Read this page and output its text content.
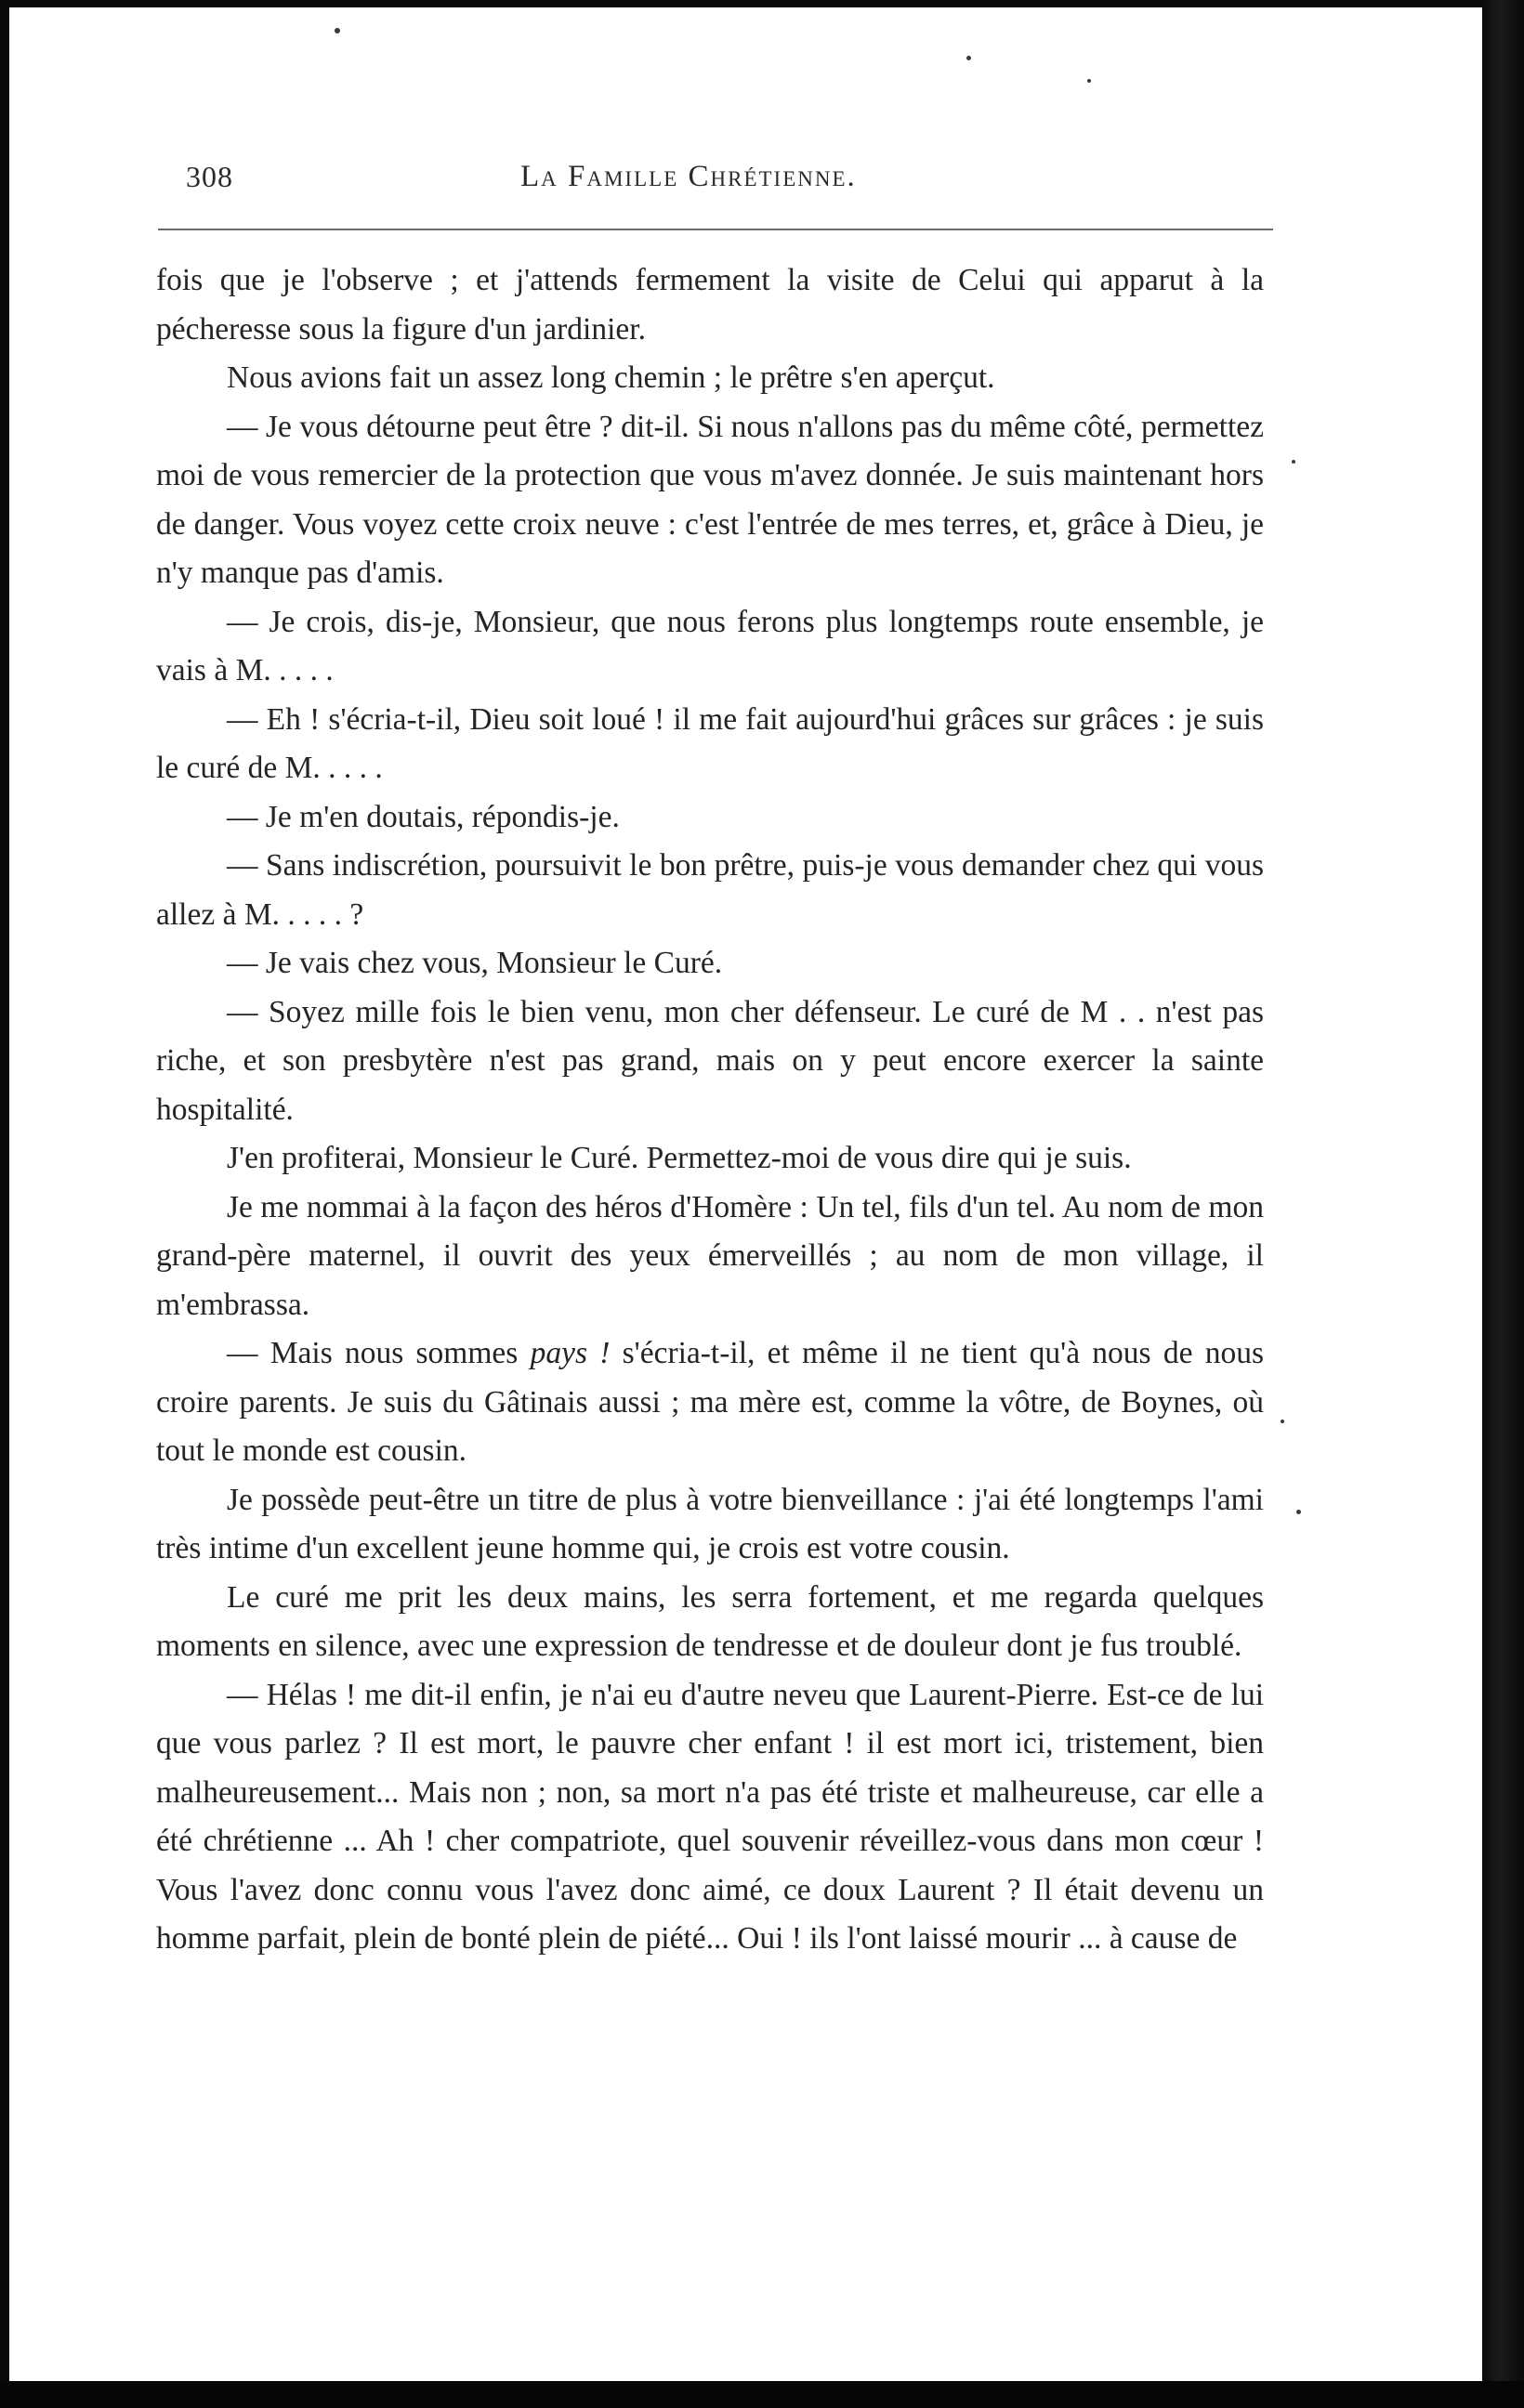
308	La Famille Chrétienne.

fois que je l'observe ; et j'attends fermement la visite de Celui qui apparut à la pécheresse sous la figure d'un jardinier.

Nous avions fait un assez long chemin ; le prêtre s'en aperçut.

— Je vous détourne peut être ? dit-il. Si nous n'allons pas du même côté, permettez moi de vous remercier de la protection que vous m'avez donnée. Je suis maintenant hors de danger. Vous voyez cette croix neuve : c'est l'entrée de mes terres, et, grâce à Dieu, je n'y manque pas d'amis.

— Je crois, dis-je, Monsieur, que nous ferons plus longtemps route ensemble, je vais à M. . . . .

— Eh ! s'écria-t-il, Dieu soit loué ! il me fait aujourd'hui grâces sur grâces : je suis le curé de M. . . . .

— Je m'en doutais, répondis-je.

— Sans indiscrétion, poursuivit le bon prêtre, puis-je vous demander chez qui vous allez à M. . . . . ?

— Je vais chez vous, Monsieur le Curé.

— Soyez mille fois le bien venu, mon cher défenseur. Le curé de M . . n'est pas riche, et son presbytère n'est pas grand, mais on y peut encore exercer la sainte hospitalité.

J'en profiterai, Monsieur le Curé. Permettez-moi de vous dire qui je suis.

Je me nommai à la façon des héros d'Homère : Un tel, fils d'un tel. Au nom de mon grand-père maternel, il ouvrit des yeux émerveillés ; au nom de mon village, il m'embrassa.

— Mais nous sommes pays ! s'écria-t-il, et même il ne tient qu'à nous de nous croire parents. Je suis du Gâtinais aussi ; ma mère est, comme la vôtre, de Boynes, où tout le monde est cousin.

Je possède peut-être un titre de plus à votre bienveillance : j'ai été longtemps l'ami très intime d'un excellent jeune homme qui, je crois est votre cousin.

Le curé me prit les deux mains, les serra fortement, et me regarda quelques moments en silence, avec une expression de tendresse et de douleur dont je fus troublé.

— Hélas ! me dit-il enfin, je n'ai eu d'autre neveu que Laurent-Pierre. Est-ce de lui que vous parlez ? Il est mort, le pauvre cher enfant ! il est mort ici, tristement, bien malheureusement... Mais non ; non, sa mort n'a pas été triste et malheureuse, car elle a été chrétienne ... Ah ! cher compatriote, quel souvenir réveillez-vous dans mon cœur ! Vous l'avez donc connu vous l'avez donc aimé, ce doux Laurent ? Il était devenu un homme parfait, plein de bonté plein de piété... Oui ! ils l'ont laissé mourir ... à cause de
